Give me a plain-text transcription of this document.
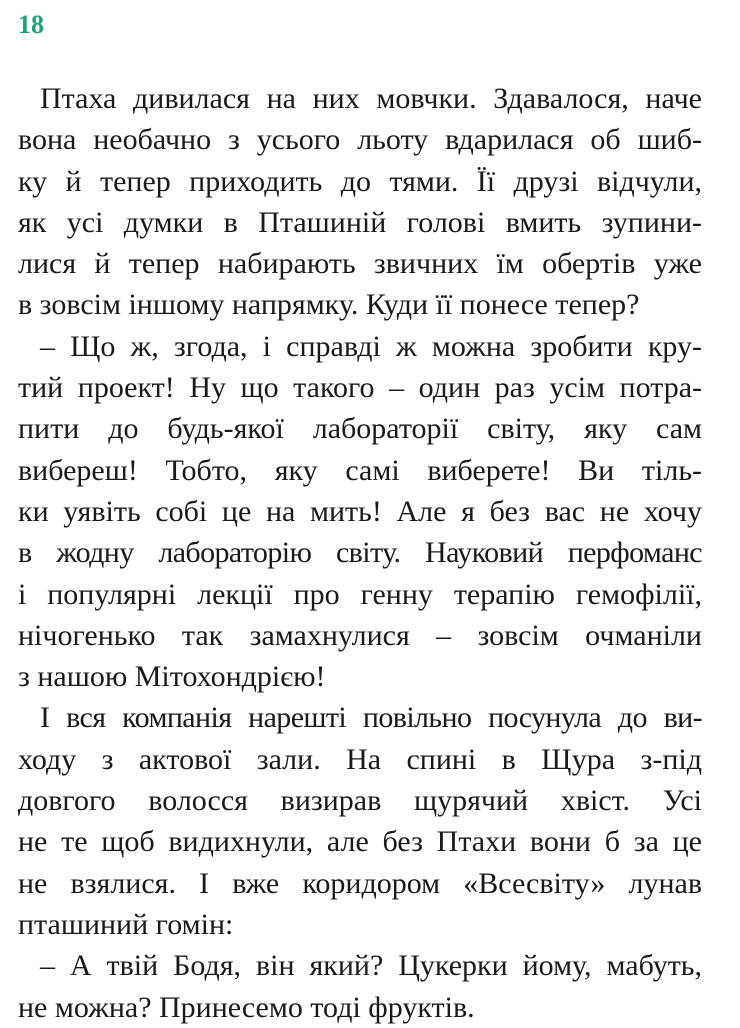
18
Птаха дивилася на них мовчки. Здавалося, наче
вона необачно з усього льоту вдарилася об шиб-
ку й тепер приходить до тями. Її друзі відчули,
як усі думки в Пташиній голові вмить зупини-
лися й тепер набирають звичних їм обертів уже
в зовсім іншому напрямку. Куди її понесе тепер?
– Що ж, згода, і справді ж можна зробити кру-
тий проект! Ну що такого – один раз усім потра-
пити до будь-якої лабораторії світу, яку сам
вибереш! Тобто, яку самі виберете! Ви тіль-
ки уявіть собі це на мить! Але я без вас не хочу
в жодну лабораторію світу. Науковий перфоманс
і популярні лекції про генну терапію гемофілії,
нічогенько так замахнулися – зовсім очманіли
з нашою Мітохондрією!
І вся компанія нарешті повільно посунула до ви-
ходу з актової зали. На спині в Щура з-під
довгого волосся визирав щурячий хвіст. Усі
не те щоб видихнули, але без Птахи вони б за це
не взялися. І вже коридором «Всесвіту» лунав
пташиний гомін:
– А твій Бодя, він який? Цукерки йому, мабуть,
не можна? Принесемо тоді фруктів.
